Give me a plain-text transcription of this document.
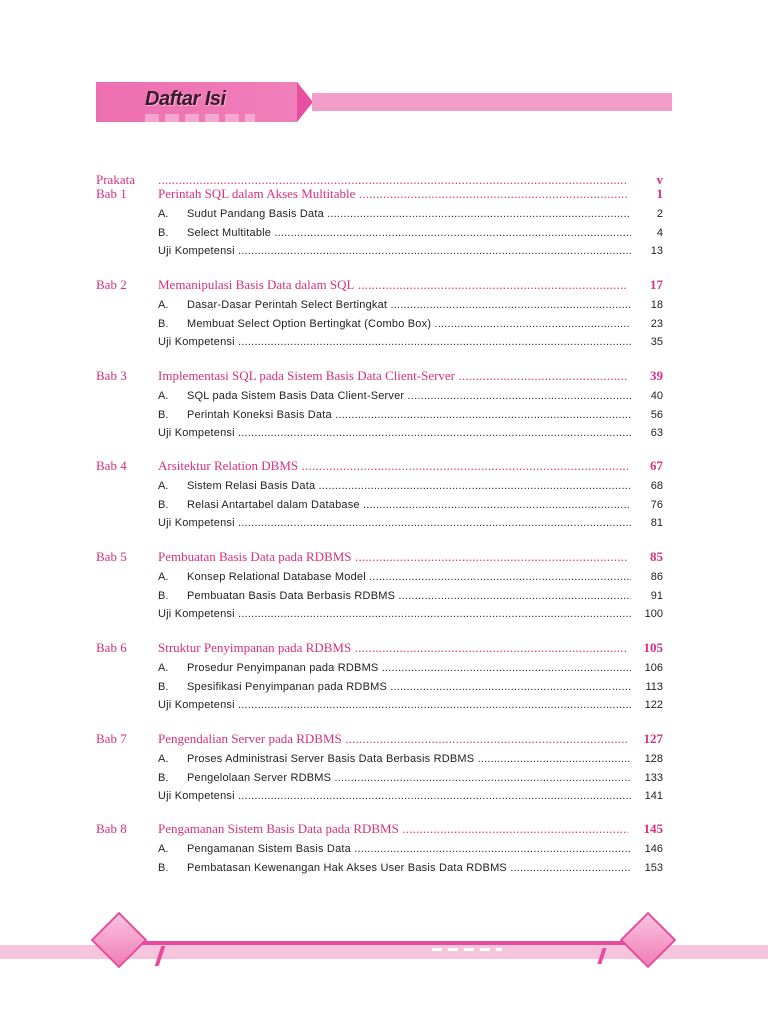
Daftar Isi
Prakata .....	v
Bab 1 Perintah SQL dalam Akses Multitable .....	1
A. Sudut Pandang Basis Data .....	2
B. Select Multitable .....	4
Uji Kompetensi .....	13
Bab 2 Memanipulasi Basis Data dalam SQL .....	17
A. Dasar-Dasar Perintah Select Bertingkat .....	18
B. Membuat Select Option Bertingkat (Combo Box) .....	23
Uji Kompetensi .....	35
Bab 3 Implementasi SQL pada Sistem Basis Data Client-Server .....	39
A. SQL pada Sistem Basis Data Client-Server .....	40
B. Perintah Koneksi Basis Data .....	56
Uji Kompetensi .....	63
Bab 4 Arsitektur Relation DBMS .....	67
A. Sistem Relasi Basis Data .....	68
B. Relasi Antartabel dalam Database .....	76
Uji Kompetensi .....	81
Bab 5 Pembuatan Basis Data pada RDBMS .....	85
A. Konsep Relational Database Model .....	86
B. Pembuatan Basis Data Berbasis RDBMS .....	91
Uji Kompetensi .....	100
Bab 6 Struktur Penyimpanan pada RDBMS .....	105
A. Prosedur Penyimpanan pada RDBMS .....	106
B. Spesifikasi Penyimpanan pada RDBMS .....	113
Uji Kompetensi .....	122
Bab 7 Pengendalian Server pada RDBMS .....	127
A. Proses Administrasi Server Basis Data Berbasis RDBMS .....	128
B. Pengelolaan Server RDBMS .....	133
Uji Kompetensi .....	141
Bab 8 Pengamanan Sistem Basis Data pada RDBMS .....	145
A. Pengamanan Sistem Basis Data .....	146
B. Pembatasan Kewenangan Hak Akses User Basis Data RDBMS .....	153
